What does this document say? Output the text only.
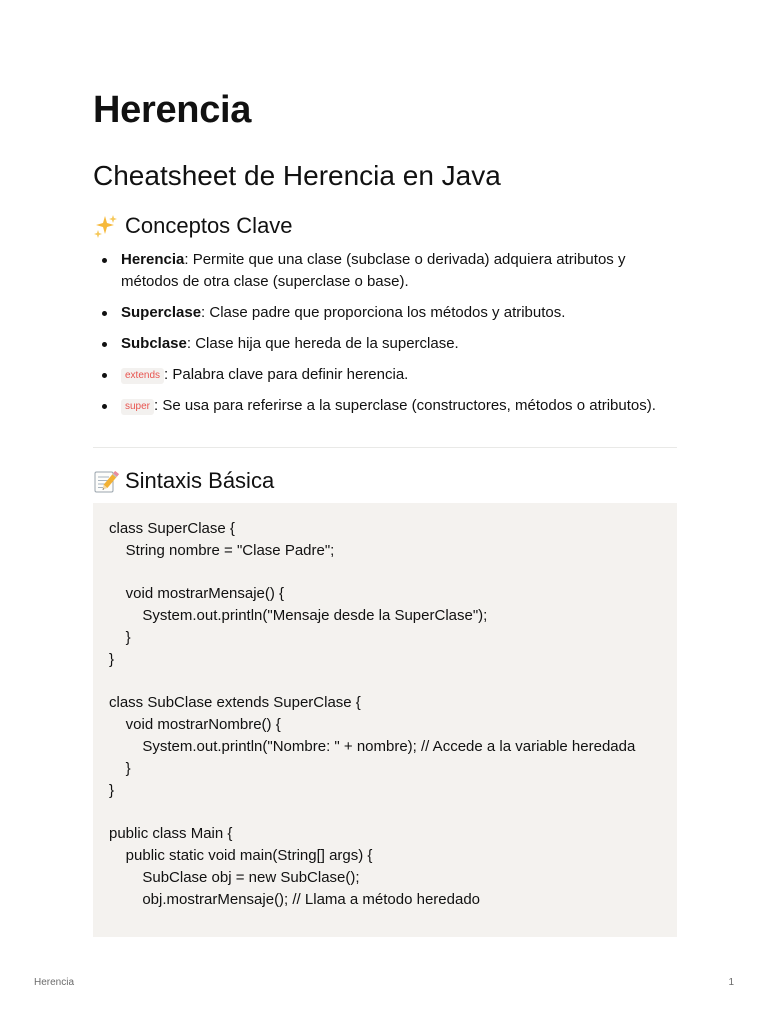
Herencia
Cheatsheet de Herencia en Java
Conceptos Clave
Herencia: Permite que una clase (subclase o derivada) adquiera atributos y métodos de otra clase (superclase o base).
Superclase: Clase padre que proporciona los métodos y atributos.
Subclase: Clase hija que hereda de la superclase.
extends : Palabra clave para definir herencia.
super : Se usa para referirse a la superclase (constructores, métodos o atributos).
Sintaxis Básica
class SuperClase {
String nombre = "Clase Padre";

void mostrarMensaje() {
System.out.println("Mensaje desde la SuperClase");
}
}

class SubClase extends SuperClase {
void mostrarNombre() {
System.out.println("Nombre: " + nombre); // Accede a la variable heredada
}
}

public class Main {
public static void main(String[] args) {
SubClase obj = new SubClase();
obj.mostrarMensaje(); // Llama a método heredado
Herencia	1
